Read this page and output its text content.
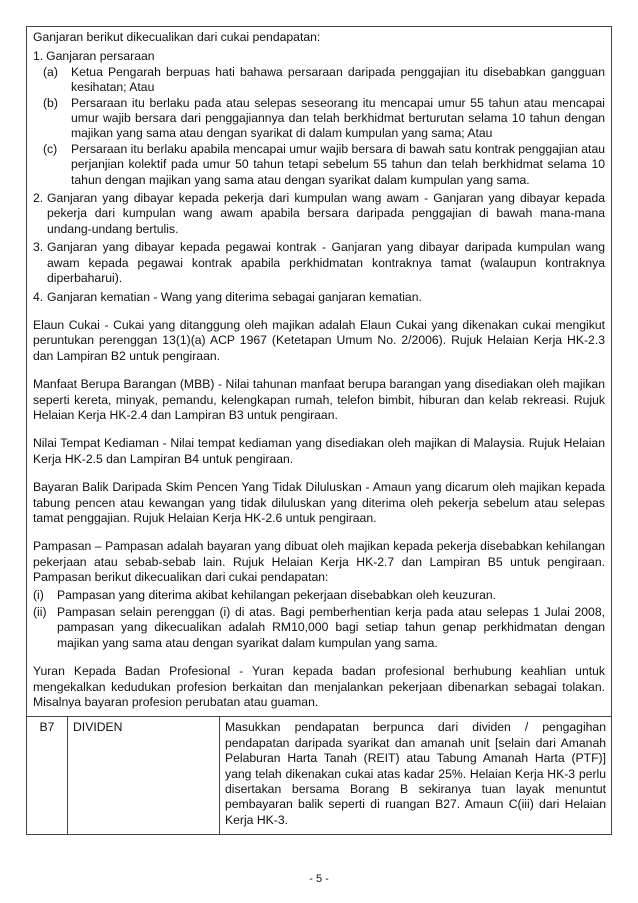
Ganjaran berikut dikecualikan dari cukai pendapatan:

1. Ganjaran persaraan
(a)	Ketua Pengarah berpuas hati bahawa persaraan daripada penggajian itu disebabkan gangguan kesihatan; Atau
(b)	Persaraan itu berlaku pada atau selepas seseorang itu mencapai umur 55 tahun atau mencapai umur wajib bersara dari penggajiannya dan telah berkhidmat berturutan selama 10 tahun dengan majikan yang sama atau dengan syarikat di dalam kumpulan yang sama; Atau
(c)	Persaraan itu berlaku apabila mencapai umur wajib bersara di bawah satu kontrak penggajian atau perjanjian kolektif pada umur 50 tahun tetapi sebelum 55 tahun dan telah berkhidmat selama 10 tahun dengan majikan yang sama atau dengan syarikat dalam kumpulan yang sama.
2. Ganjaran yang dibayar kepada pekerja dari kumpulan wang awam - Ganjaran yang dibayar kepada pekerja dari kumpulan wang awam apabila bersara daripada penggajian di bawah mana-mana undang-undang bertulis.
3. Ganjaran yang dibayar kepada pegawai kontrak - Ganjaran yang dibayar daripada kumpulan wang awam kepada pegawai kontrak apabila perkhidmatan kontraknya tamat (walaupun kontraknya diperbaharui).
4. Ganjaran kematian - Wang yang diterima sebagai ganjaran kematian.

Elaun Cukai - Cukai yang ditanggung oleh majikan adalah Elaun Cukai yang dikenakan cukai mengikut peruntukan perenggan 13(1)(a) ACP 1967 (Ketetapan Umum No. 2/2006). Rujuk Helaian Kerja HK-2.3 dan Lampiran B2 untuk pengiraan.

Manfaat Berupa Barangan (MBB) - Nilai tahunan manfaat berupa barangan yang disediakan oleh majikan seperti kereta, minyak, pemandu, kelengkapan rumah, telefon bimbit, hiburan dan kelab rekreasi. Rujuk Helaian Kerja HK-2.4 dan Lampiran B3 untuk pengiraan.

Nilai Tempat Kediaman - Nilai tempat kediaman yang disediakan oleh majikan di Malaysia. Rujuk Helaian Kerja HK-2.5 dan Lampiran B4 untuk pengiraan.

Bayaran Balik Daripada Skim Pencen Yang Tidak Diluluskan - Amaun yang dicarum oleh majikan kepada tabung pencen atau kewangan yang tidak diluluskan yang diterima oleh pekerja sebelum atau selepas tamat penggajian. Rujuk Helaian Kerja HK-2.6 untuk pengiraan.

Pampasan – Pampasan adalah bayaran yang dibuat oleh majikan kepada pekerja disebabkan kehilangan pekerjaan atau sebab-sebab lain. Rujuk Helaian Kerja HK-2.7 dan Lampiran B5 untuk pengiraan. Pampasan berikut dikecualikan dari cukai pendapatan:

(i)	Pampasan yang diterima akibat kehilangan pekerjaan disebabkan oleh keuzuran.
(ii) Pampasan selain perenggan (i) di atas. Bagi pemberhentian kerja pada atau selepas 1 Julai 2008, pampasan yang dikecualikan adalah RM10,000 bagi setiap tahun genap perkhidmatan dengan majikan yang sama atau dengan syarikat dalam kumpulan yang sama.

Yuran Kepada Badan Profesional - Yuran kepada badan profesional berhubung keahlian untuk mengekalkan kedudukan profesion berkaitan dan menjalankan pekerjaan dibenarkan sebagai tolakan. Misalnya bayaran profesion perubatan atau guaman.

B7	DIVIDEN	Masukkan pendapatan berpunca dari dividen / pengagihan pendapatan daripada syarikat dan amanah unit [selain dari Amanah Pelaburan Harta Tanah (REIT) atau Tabung Amanah Harta (PTF)] yang telah dikenakan cukai atas kadar 25%. Helaian Kerja HK-3 perlu disertakan bersama Borang B sekiranya tuan layak menuntut pembayaran balik seperti di ruangan B27. Amaun C(iii) dari Helaian Kerja HK-3.
- 5 -
